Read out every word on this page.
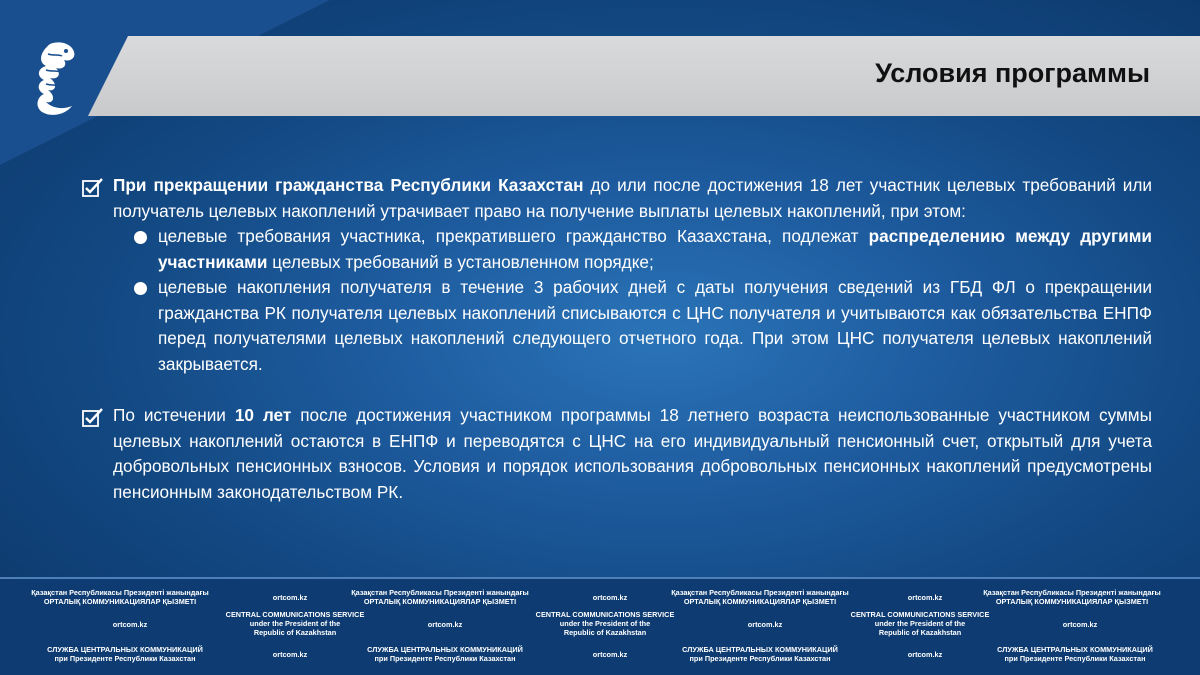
Условия программы
При прекращении гражданства Республики Казахстан до или после достижения 18 лет участник целевых требований или получатель целевых накоплений утрачивает право на получение выплаты целевых накоплений, при этом:
целевые требования участника, прекратившего гражданство Казахстана, подлежат распределению между другими участниками целевых требований в установленном порядке;
целевые накопления получателя в течение 3 рабочих дней с даты получения сведений из ГБД ФЛ о прекращении гражданства РК получателя целевых накоплений списываются с ЦНС получателя и учитываются как обязательства ЕНПФ перед получателями целевых накоплений следующего отчетного года. При этом ЦНС получателя целевых накоплений закрывается.
По истечении 10 лет после достижения участником программы 18 летнего возраста неиспользованные участником суммы целевых накоплений остаются в ЕНПФ и переводятся с ЦНС на его индивидуальный пенсионный счет, открытый для учета добровольных пенсионных взносов. Условия и порядок использования добровольных пенсионных накоплений предусмотрены пенсионным законодательством РК.
Қазақстан Республикасы Президенті жанындағы
ОРТАЛЫҚ КОММУНИКАЦИЯЛАР ҚЫЗМЕТІ	ortcom.kz
Қазақстан Республикасы Президенті жанындағы
ОРТАЛЫҚ КОММУНИКАЦИЯЛАР ҚЫЗМЕТІ	ortcom.kz
Қазақстан Республикасы Президенті жанындағы
ОРТАЛЫҚ КОММУНИКАЦИЯЛАР ҚЫЗМЕТІ	ortcom.kz
Қазақстан Республикасы Президенті жанындағы
ОРТАЛЫҚ КОММУНИКАЦИЯЛАР ҚЫЗМЕТІ
ortcom.kz
CENTRAL COMMUNICATIONS SERVICE
under the President of the
Republic of Kazakhstan
ortcom.kz
CENTRAL COMMUNICATIONS SERVICE
under the President of the
Republic of Kazakhstan
ortcom.kz
CENTRAL COMMUNICATIONS SERVICE
under the President of the
Republic of Kazakhstan
ortcom.kz
СЛУЖБА ЦЕНТРАЛЬНЫХ КОММУНИКАЦИЙ
при Президенте Республики Казахстан	ortcom.kz
СЛУЖБА ЦЕНТРАЛЬНЫХ КОММУНИКАЦИЙ
при Президенте Республики Казахстан	ortcom.kz
СЛУЖБА ЦЕНТРАЛЬНЫХ КОММУНИКАЦИЙ
при Президенте Республики Казахстан	ortcom.kz
СЛУЖБА ЦЕНТРАЛЬНЫХ КОММУНИКАЦИЙ
при Президенте Республики Казахстан
